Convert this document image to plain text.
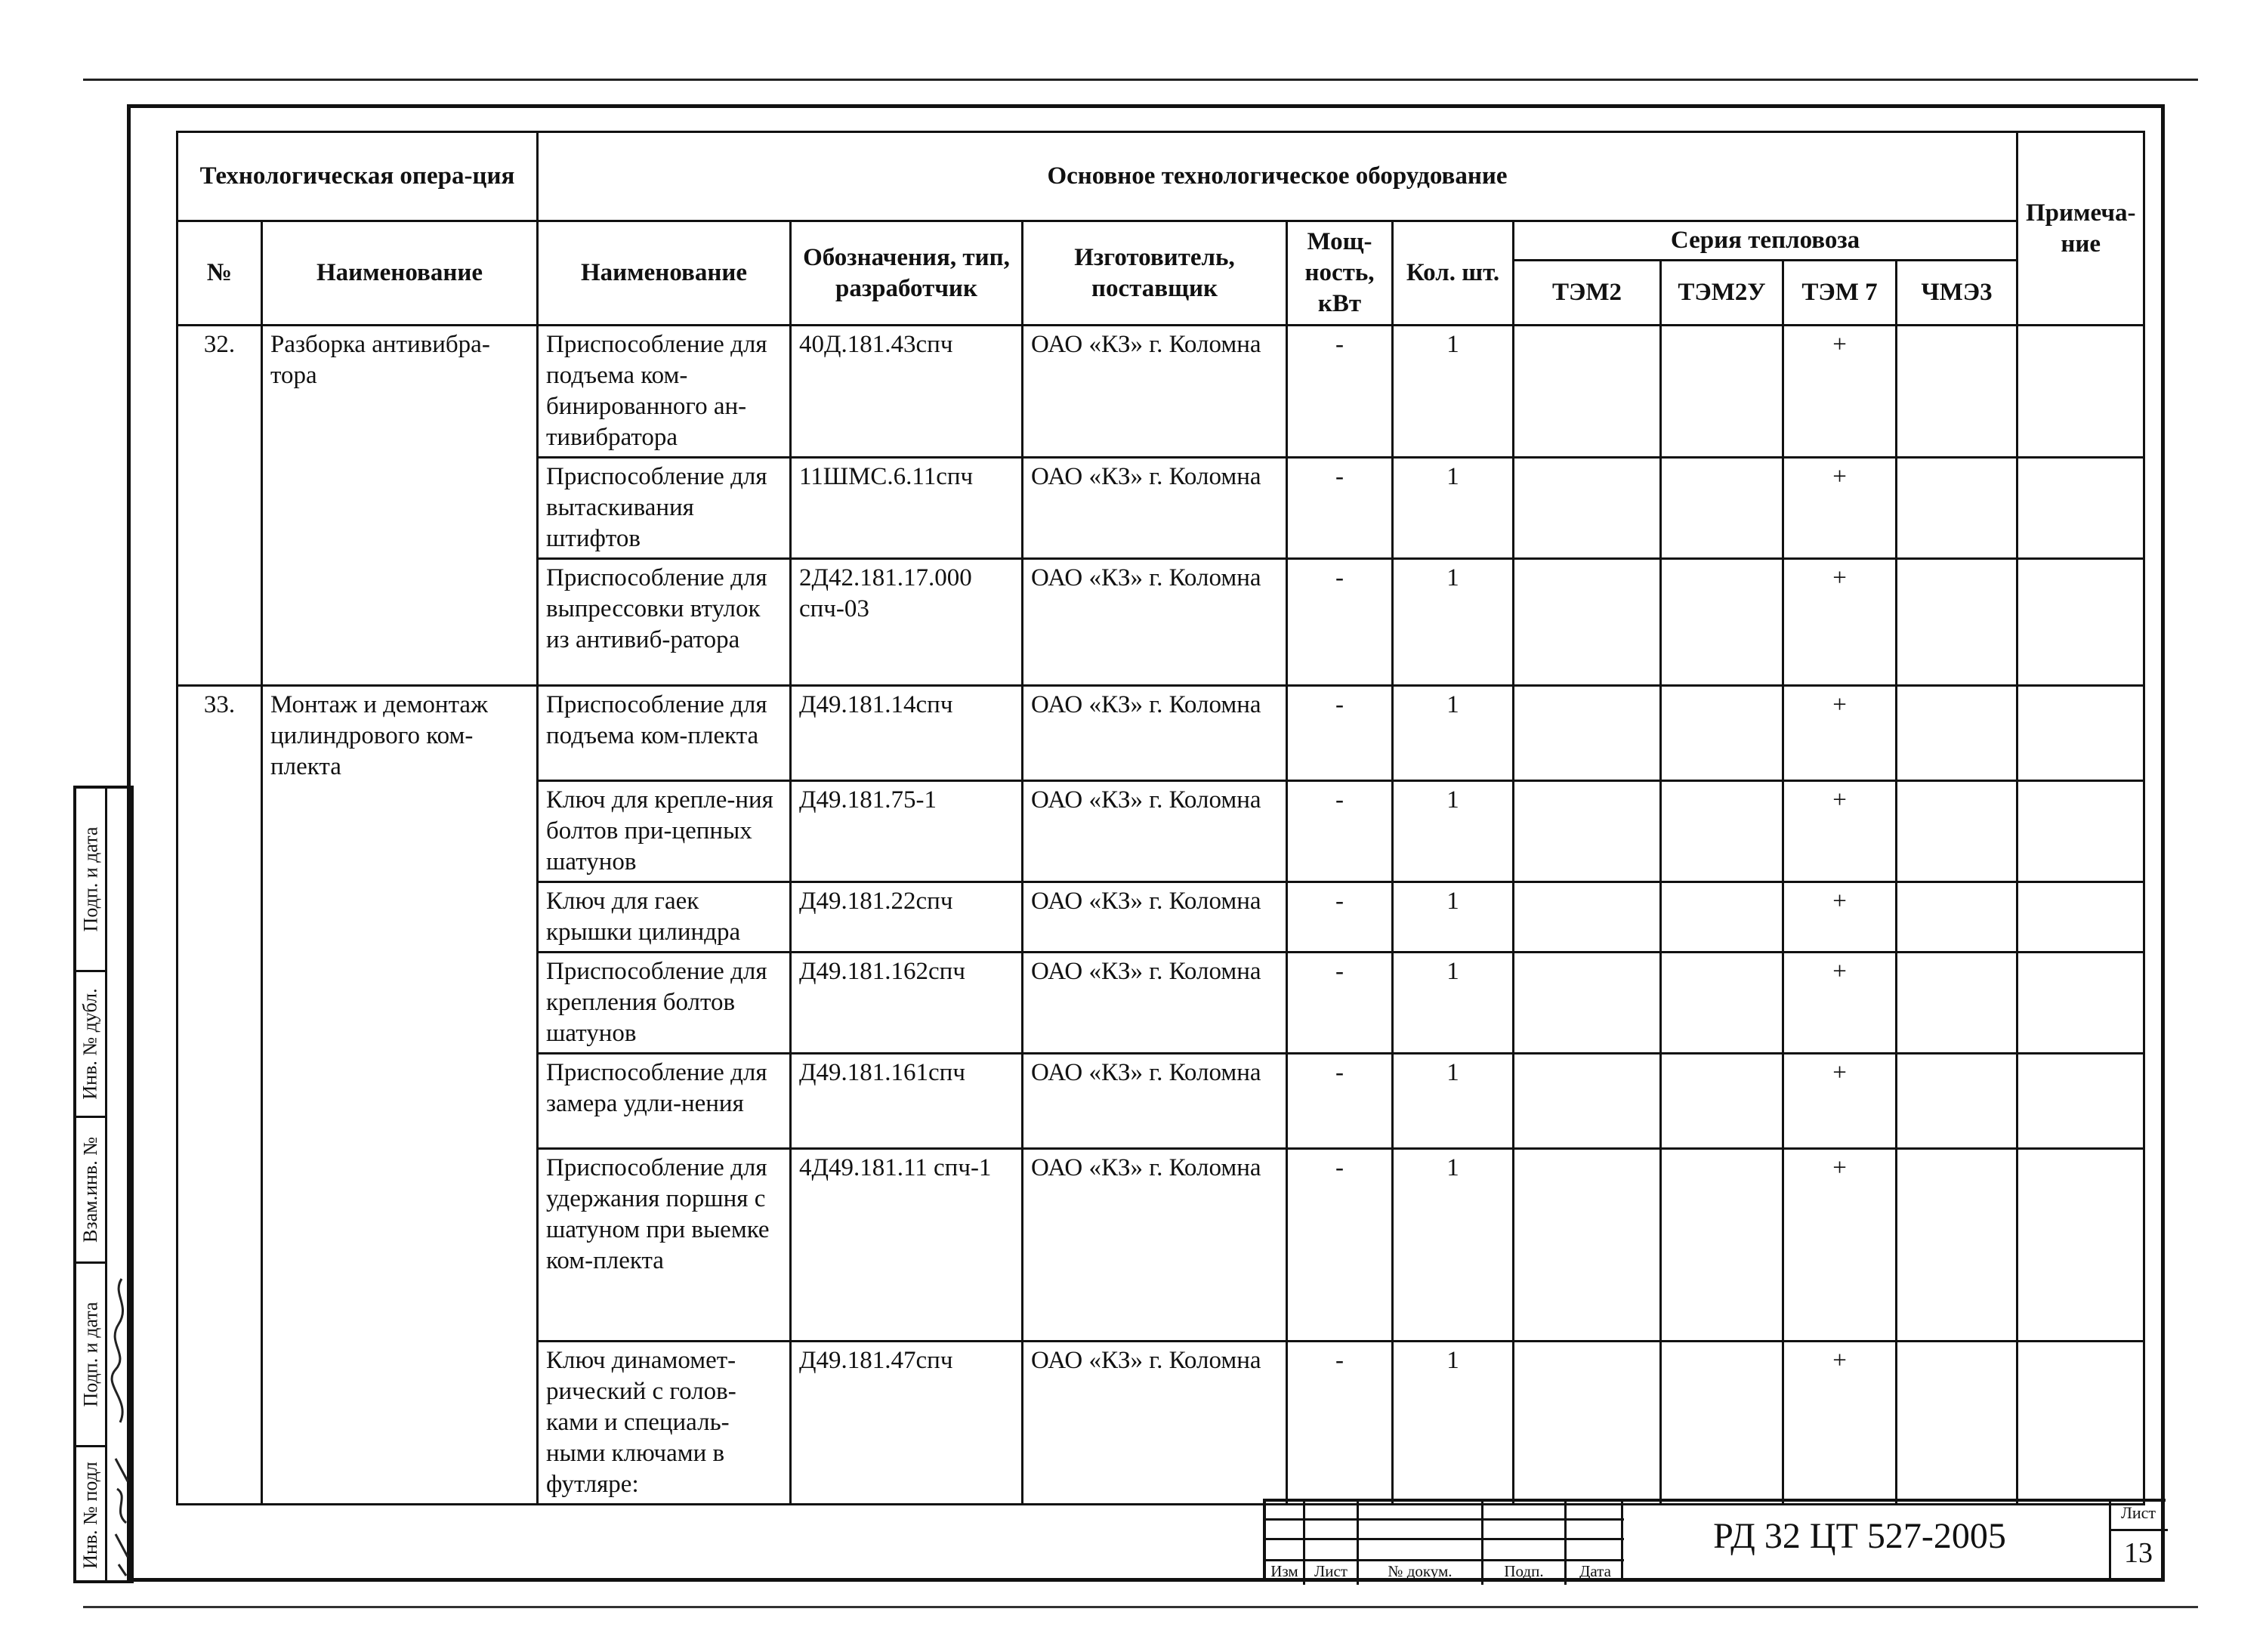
Технологическая опера-ция		Основное технологическое оборудование									Примеча-ние
№	Наименование	Наименование	Обозначения, тип, разработчик	Изготовитель, поставщик	Мощ-ность, кВт	Кол. шт.	Серия тепловоза				
							ТЭМ2	ТЭМ2У	ТЭМ 7	ЧМЭ3	
32.	Разборка антивибра-тора	Приспособление для подъема ком-бинированного ан-тивибратора	40Д.181.43спч	ОАО «КЗ» г. Коломна	-	1			+		
		Приспособление для вытаскивания штифтов	11ШМС.6.11спч	ОАО «КЗ» г. Коломна	-	1			+		
		Приспособление для выпрессовки втулок из антивиб-ратора	2Д42.181.17.000 спч-03	ОАО «КЗ» г. Коломна	-	1			+		
33.	Монтаж и демонтаж цилиндрового ком-плекта	Приспособление для подъема ком-плекта	Д49.181.14спч	ОАО «КЗ» г. Коломна	-	1			+		
		Ключ для крепле-ния болтов при-цепных шатунов	Д49.181.75-1	ОАО «КЗ» г. Коломна	-	1			+		
		Ключ для гаек крышки цилиндра	Д49.181.22спч	ОАО «КЗ» г. Коломна	-	1			+		
		Приспособление для крепления болтов шатунов	Д49.181.162спч	ОАО «КЗ» г. Коломна	-	1			+		
		Приспособление для замера удли-нения	Д49.181.161спч	ОАО «КЗ» г. Коломна	-	1			+		
		Приспособление для удержания поршня с шатуном при выемке ком-плекта	4Д49.181.11 спч-1	ОАО «КЗ» г. Коломна	-	1			+		
		Ключ динамомет-рический с голов-ками и специаль-ными ключами в футляре:	Д49.181.47спч	ОАО «КЗ» г. Коломна	-	1			+		
Подп. и дата
Инв. № дубл.
Взам.инв. №
Подп. и дата
Инв. № подл
Изм	Лист	№ докум.	Подп.	Дата
РД 32 ЦТ 527-2005
Лист
13
